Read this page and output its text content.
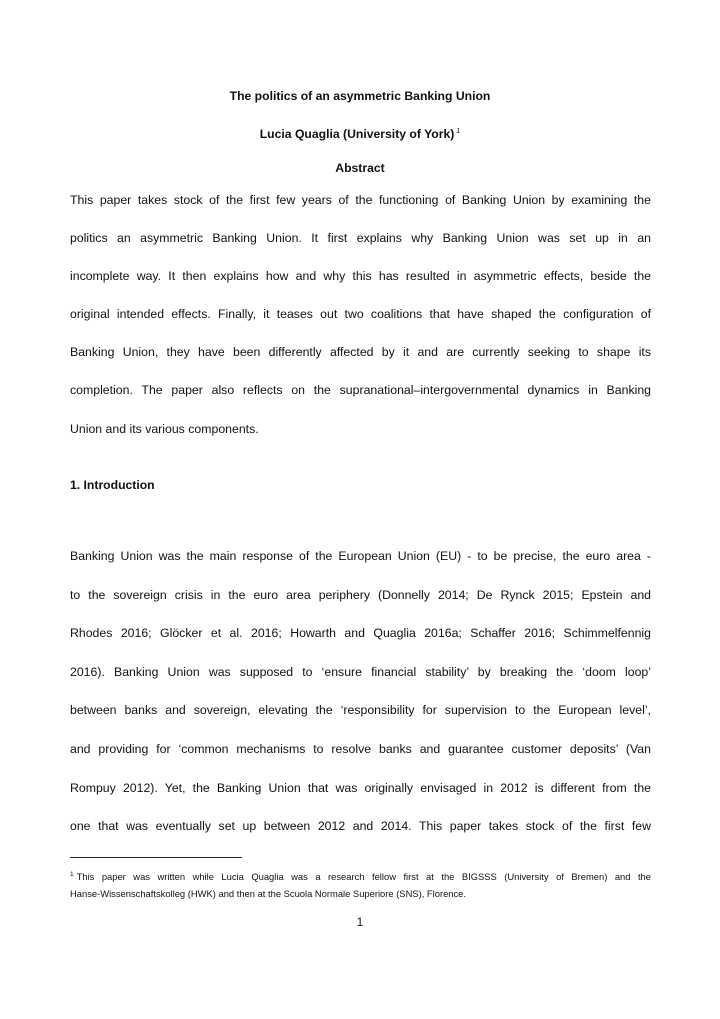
The politics of an asymmetric Banking Union
Lucia Quaglia (University of York) $^1$
Abstract
This paper takes stock of the first few years of the functioning of Banking Union by examining the
politics an asymmetric Banking Union. It first explains why Banking Union was set up in an
incomplete way. It then explains how and why this has resulted in asymmetric effects, beside the
original intended effects. Finally, it teases out two coalitions that have shaped the configuration of
Banking Union, they have been differently affected by it and are currently seeking to shape its
completion. The paper also reflects on the supranational–intergovernmental dynamics in Banking
Union and its various components.
1. Introduction
Banking Union was the main response of the European Union (EU) - to be precise, the euro area -
to the sovereign crisis in the euro area periphery (Donnelly 2014; De Rynck 2015; Epstein and
Rhodes 2016; Glöcker et al. 2016; Howarth and Quaglia 2016a; Schaffer 2016; Schimmelfennig
2016). Banking Union was supposed to ‘ensure financial stability’ by breaking the ‘doom loop’
between banks and sovereign, elevating the ‘responsibility for supervision to the European level’,
and providing for ‘common mechanisms to resolve banks and guarantee customer deposits’ (Van
Rompuy 2012). Yet, the Banking Union that was originally envisaged in 2012 is different from the
one that was eventually set up between 2012 and 2014. This paper takes stock of the first few
$^1$ This paper was written while Lucia Quaglia was a research fellow first at the BIGSSS (University of Bremen) and the
Hanse-Wissenschaftskolleg (HWK) and then at the Scuola Normale Superiore (SNS), Florence.
1
